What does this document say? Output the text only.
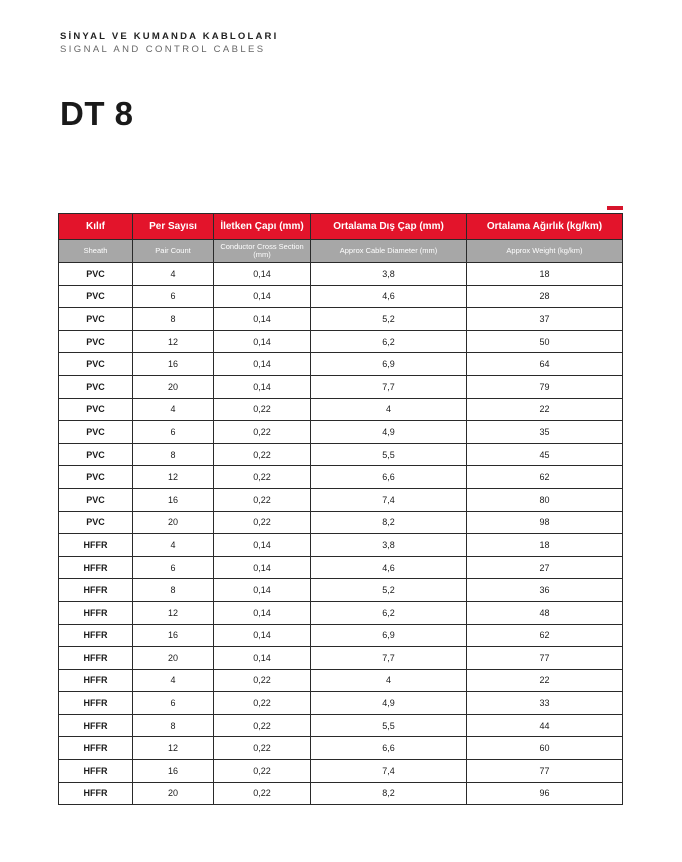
SİNYAL VE KUMANDA KABLOLARI
SIGNAL AND CONTROL CABLES
DT 8
Kılıf	Per Sayısı	İletken Çapı (mm)	Ortalama Dış Çap (mm)	Ortalama Ağırlık (kg/km)
Sheath	Pair Count	Conductor Cross Section (mm)	Approx Cable Diameter (mm)	Approx Weight (kg/km)
PVC	4	0,14	3,8	18
PVC	6	0,14	4,6	28
PVC	8	0,14	5,2	37
PVC	12	0,14	6,2	50
PVC	16	0,14	6,9	64
PVC	20	0,14	7,7	79
PVC	4	0,22	4	22
PVC	6	0,22	4,9	35
PVC	8	0,22	5,5	45
PVC	12	0,22	6,6	62
PVC	16	0,22	7,4	80
PVC	20	0,22	8,2	98
HFFR	4	0,14	3,8	18
HFFR	6	0,14	4,6	27
HFFR	8	0,14	5,2	36
HFFR	12	0,14	6,2	48
HFFR	16	0,14	6,9	62
HFFR	20	0,14	7,7	77
HFFR	4	0,22	4	22
HFFR	6	0,22	4,9	33
HFFR	8	0,22	5,5	44
HFFR	12	0,22	6,6	60
HFFR	16	0,22	7,4	77
HFFR	20	0,22	8,2	96
